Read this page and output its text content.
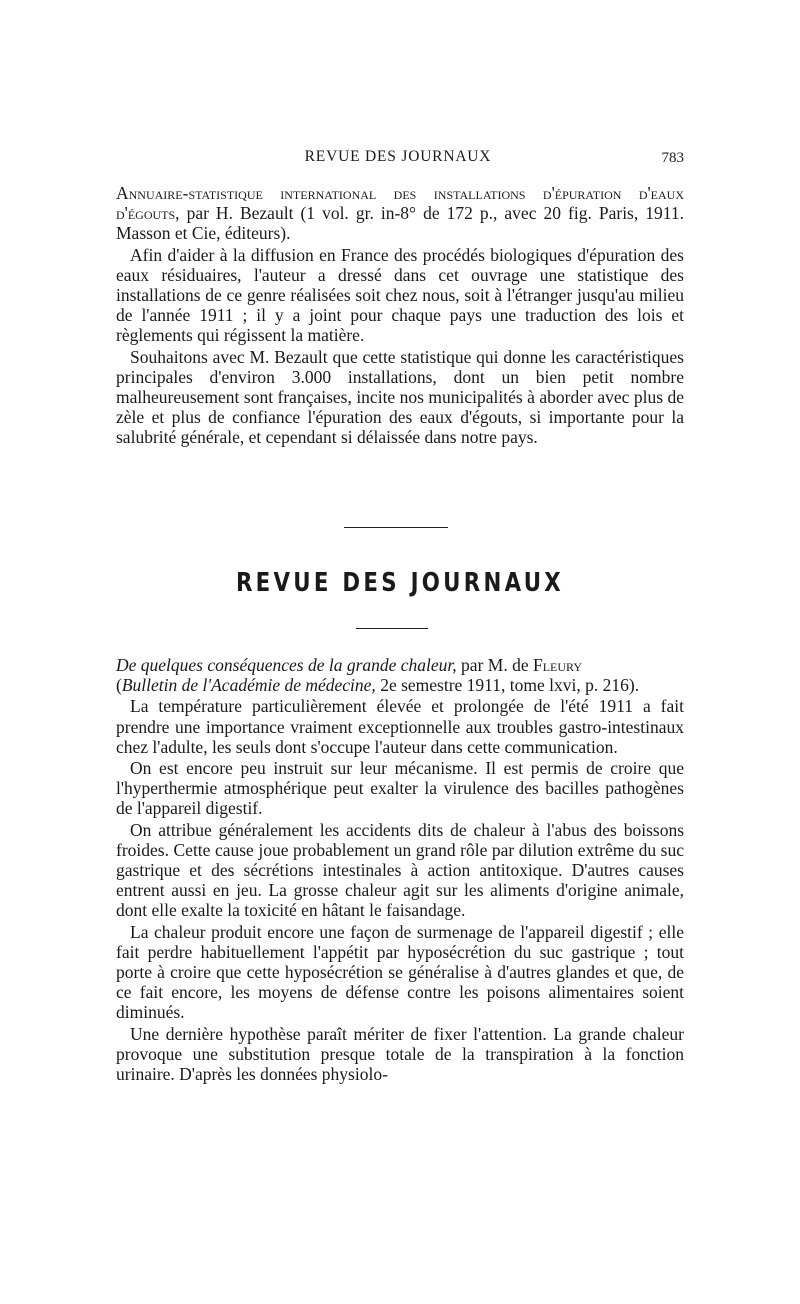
REVUE DES JOURNAUX	783

Annuaire-statistique international des installations d'épuration d'eaux d'égouts, par H. Bezault (1 vol. gr. in-8° de 172 p., avec 20 fig. Paris, 1911. Masson et Cie, éditeurs).

Afin d'aider à la diffusion en France des procédés biologiques d'épuration des eaux résiduaires, l'auteur a dressé dans cet ouvrage une statistique des installations de ce genre réalisées soit chez nous, soit à l'étranger jusqu'au milieu de l'année 1911 ; il y a joint pour chaque pays une traduction des lois et règlements qui régissent la matière.

Souhaitons avec M. Bezault que cette statistique qui donne les caractéristiques principales d'environ 3.000 installations, dont un bien petit nombre malheureusement sont françaises, incite nos municipalités à aborder avec plus de zèle et plus de confiance l'épuration des eaux d'égouts, si importante pour la salubrité générale, et cependant si délaissée dans notre pays.

REVUE DES JOURNAUX

De quelques conséquences de la grande chaleur, par M. de Fleury
(Bulletin de l'Académie de médecine, 2e semestre 1911, tome lxvi, p. 216).

La température particulièrement élevée et prolongée de l'été 1911 a fait prendre une importance vraiment exceptionnelle aux troubles gastro-intestinaux chez l'adulte, les seuls dont s'occupe l'auteur dans cette communication.

On est encore peu instruit sur leur mécanisme. Il est permis de croire que l'hyperthermie atmosphérique peut exalter la virulence des bacilles pathogènes de l'appareil digestif.

On attribue généralement les accidents dits de chaleur à l'abus des boissons froides. Cette cause joue probablement un grand rôle par dilution extrême du suc gastrique et des sécrétions intestinales à action antitoxique. D'autres causes entrent aussi en jeu. La grosse chaleur agit sur les aliments d'origine animale, dont elle exalte la toxicité en hâtant le faisandage.

La chaleur produit encore une façon de surmenage de l'appareil digestif ; elle fait perdre habituellement l'appétit par hyposécrétion du suc gastrique ; tout porte à croire que cette hyposécrétion se généralise à d'autres glandes et que, de ce fait encore, les moyens de défense contre les poisons alimentaires soient diminués.

Une dernière hypothèse paraît mériter de fixer l'attention. La grande chaleur provoque une substitution presque totale de la transpiration à la fonction urinaire. D'après les données physiolo-
